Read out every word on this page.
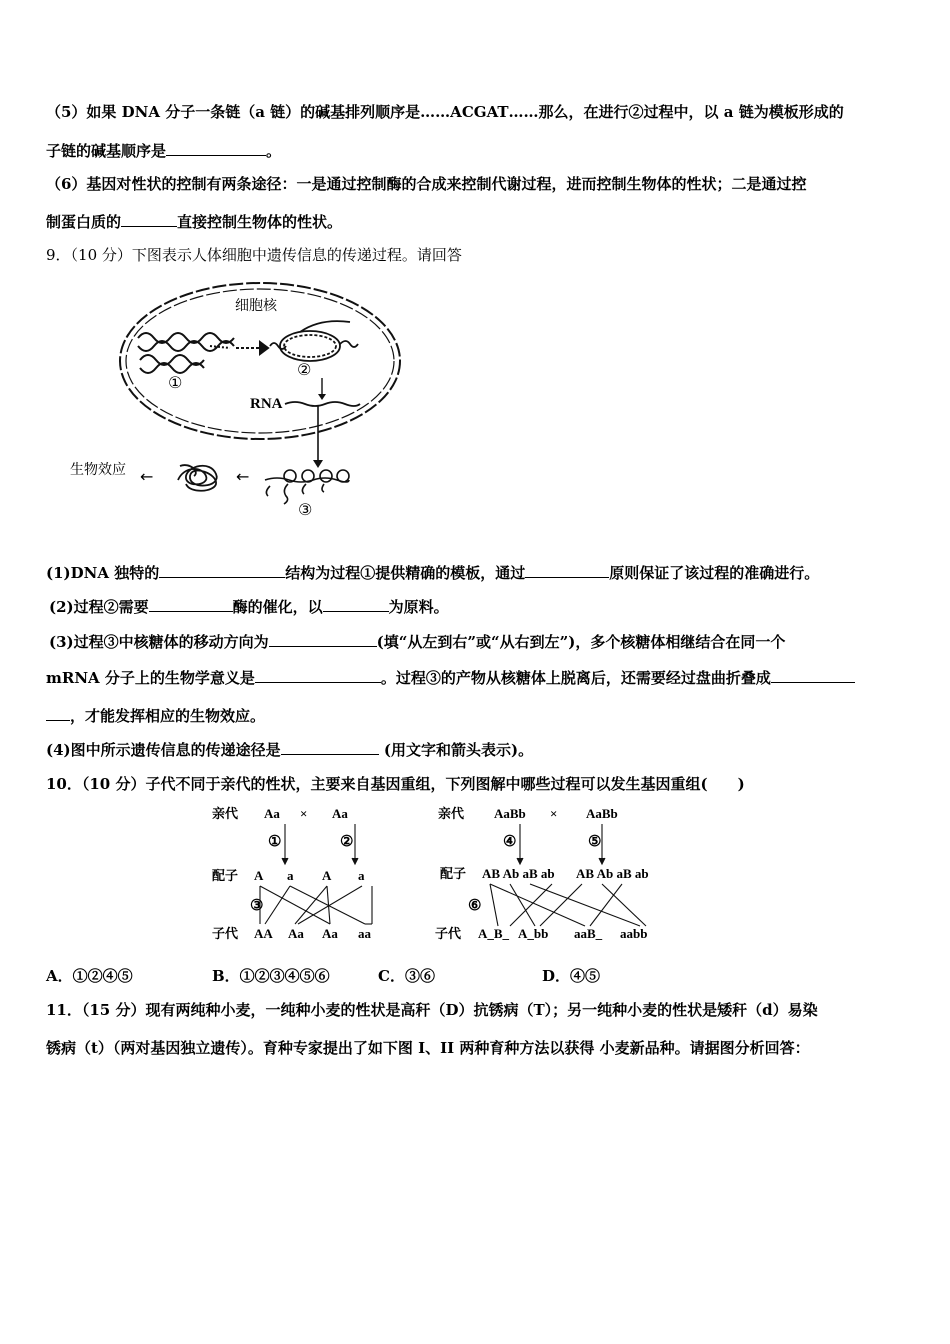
（5）如果 DNA 分子一条链（a 链）的碱基排列顺序是……ACGAT……那么，在进行②过程中，以 a 链为模板形成的
子链的碱基顺序是	。
（6）基因对性状的控制有两条途径：一是通过控制酶的合成来控制代谢过程，进而控制生物体的性状；二是通过控
制蛋白质的	直接控制生物体的性状。
9．（10 分）下图表示人体细胞中遗传信息的传递过程。请回答
细胞核
①
②
RNA
③
←
←
生物效应
(1)DNA 独特的	结构为过程①提供精确的模板，通过	原则保证了该过程的准确进行。
(2)过程②需要	酶的催化，以	为原料。
(3)过程③中核糖体的移动方向为	(填“从左到右”或“从右到左”)，多个核糖体相继结合在同一个
mRNA 分子上的生物学意义是	。过程③的产物从核糖体上脱离后，还需要经过盘曲折叠成
，才能发挥相应的生物效应。
(4)图中所示遗传信息的传递途径是	(用文字和箭头表示)。
10．（10 分）子代不同于亲代的性状，主要来自基因重组，下列图解中哪些过程可以发生基因重组(　　)
亲代 Aa × Aa
①	②
配子 A a A a
③
子代 AA Aa Aa aa
亲代 AaBb × AaBb
④	⑤
配子 AB Ab aB ab AB Ab aB ab
⑥
子代 A_B_ A_bb aaB_ aabb
A．①②④⑤	B．①②③④⑤⑥	C．③⑥	D．④⑤
11．（15 分）现有两纯种小麦，一纯种小麦的性状是高秆（D）抗锈病（T）；另一纯种小麦的性状是矮秆（d）易染
锈病（t）（两对基因独立遗传）。育种专家提出了如下图 I、II 两种育种方法以获得 小麦新品种。请据图分析回答：
